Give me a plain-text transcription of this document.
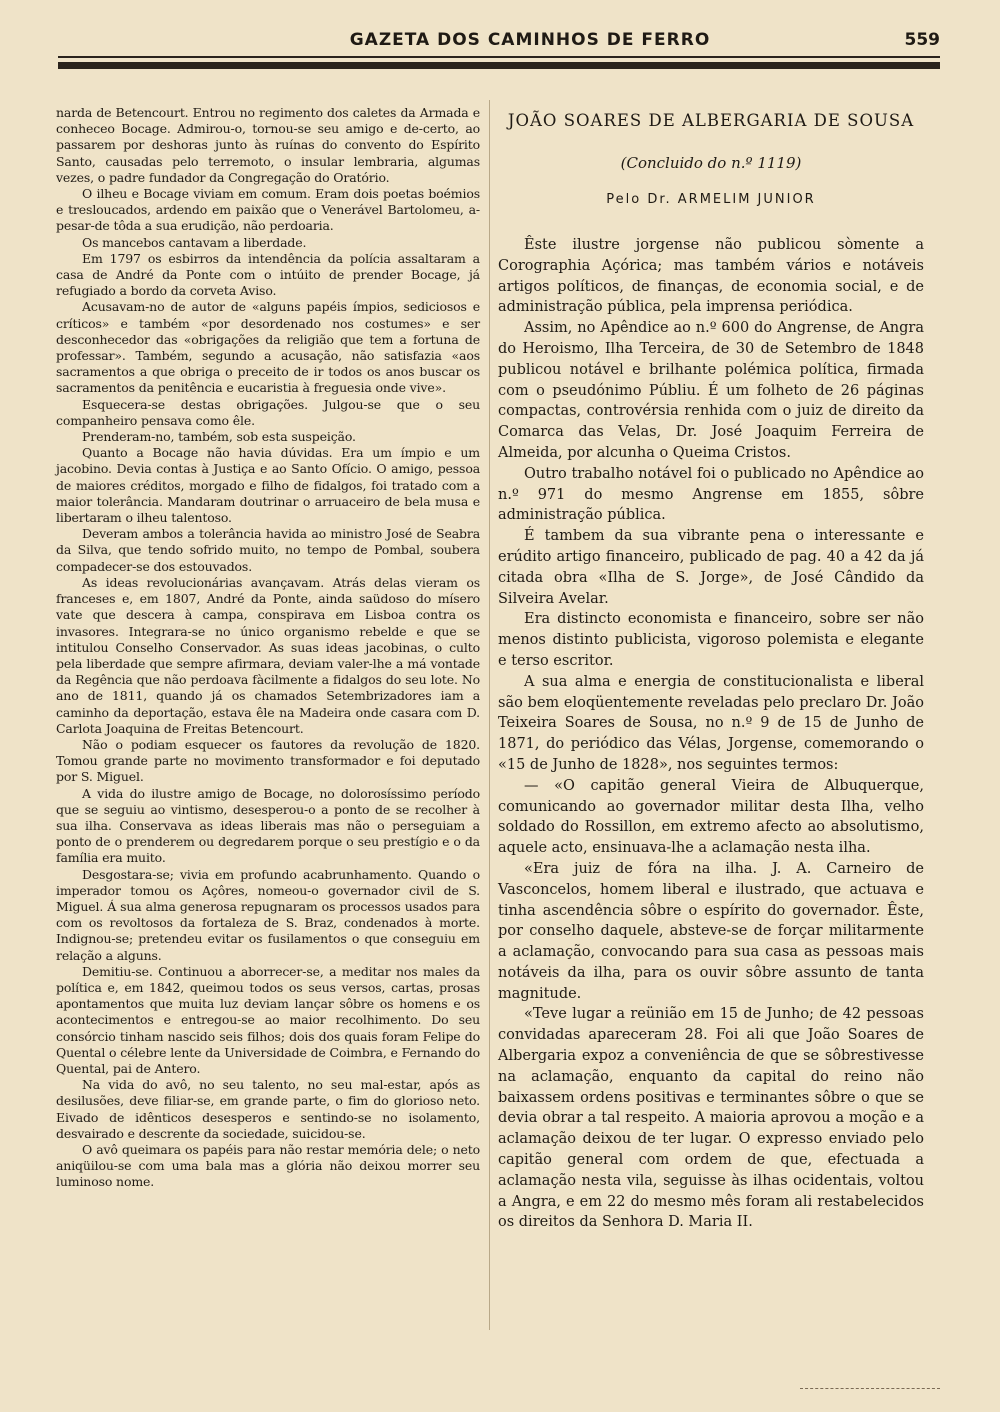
GAZETA DOS CAMINHOS DE FERRO	559

narda de Betencourt. Entrou no regimento dos caletes da Armada e conheceo Bocage. Admirou-o, tornou-se seu amigo e de-certo, ao passarem por deshoras junto às ruínas do convento do Espírito Santo, causadas pelo terremoto, o insular lembraria, algumas vezes, o padre fundador da Congregação do Oratório.

O ilheu e Bocage viviam em comum. Eram dois poetas boémios e tresloucados, ardendo em paixão que o Venerável Bartolomeu, a-pesar-de tôda a sua erudição, não perdoaria.

Os mancebos cantavam a liberdade.

Em 1797 os esbirros da intendência da polícia assaltaram a casa de André da Ponte com o intúito de prender Bocage, já refugiado a bordo da corveta Aviso.

Acusavam-no de autor de «alguns papéis ímpios, sediciosos e críticos» e também «por desordenado nos costumes» e ser desconhecedor das «obrigações da religião que tem a fortuna de professar». Também, segundo a acusação, não satisfazia «aos sacramentos a que obriga o preceito de ir todos os anos buscar os sacramentos da penitência e eucaristia à freguesia onde vive».

Esquecera-se destas obrigações. Julgou-se que o seu companheiro pensava como êle.

Prenderam-no, também, sob esta suspeição.

Quanto a Bocage não havia dúvidas. Era um ímpio e um jacobino. Devia contas à Justiça e ao Santo Ofício. O amigo, pessoa de maiores créditos, morgado e filho de fidalgos, foi tratado com a maior tolerância. Mandaram doutrinar o arruaceiro de bela musa e libertaram o ilheu talentoso.

Deveram ambos a tolerância havida ao ministro José de Seabra da Silva, que tendo sofrido muito, no tempo de Pombal, soubera compadecer-se dos estouvados.

As ideas revolucionárias avançavam. Atrás delas vieram os franceses e, em 1807, André da Ponte, ainda saüdoso do mísero vate que descera à campa, conspirava em Lisboa contra os invasores. Integrara-se no único organismo rebelde e que se intitulou Conselho Conservador. As suas ideas jacobinas, o culto pela liberdade que sempre afirmara, deviam valer-lhe a má vontade da Regência que não perdoava fàcilmente a fidalgos do seu lote. No ano de 1811, quando já os chamados Setembrizadores iam a caminho da deportação, estava êle na Madeira onde casara com D. Carlota Joaquina de Freitas Betencourt.

Não o podiam esquecer os fautores da revolução de 1820. Tomou grande parte no movimento transformador e foi deputado por S. Miguel.

A vida do ilustre amigo de Bocage, no dolorosíssimo período que se seguiu ao vintismo, desesperou-o a ponto de se recolher à sua ilha. Conservava as ideas liberais mas não o perseguiam a ponto de o prenderem ou degredarem porque o seu prestígio e o da família era muito.

Desgostara-se; vivia em profundo acabrunhamento. Quando o imperador tomou os Açôres, nomeou-o governador civil de S. Miguel. Á sua alma generosa repugnaram os processos usados para com os revoltosos da fortaleza de S. Braz, condenados à morte. Indignou-se; pretendeu evitar os fusilamentos o que conseguiu em relação a alguns.

Demitiu-se. Continuou a aborrecer-se, a meditar nos males da política e, em 1842, queimou todos os seus versos, cartas, prosas apontamentos que muita luz deviam lançar sôbre os homens e os acontecimentos e entregou-se ao maior recolhimento. Do seu consórcio tinham nascido seis filhos; dois dos quais foram Felipe do Quental o célebre lente da Universidade de Coimbra, e Fernando do Quental, pai de Antero.

Na vida do avô, no seu talento, no seu mal-estar, após as desilusões, deve filiar-se, em grande parte, o fim do glorioso neto. Eivado de idênticos desesperos e sentindo-se no isolamento, desvairado e descrente da sociedade, suicidou-se.

O avô queimara os papéis para não restar memória dele; o neto aniqüilou-se com uma bala mas a glória não deixou morrer seu luminoso nome.

JOÃO SOARES DE ALBERGARIA DE SOUSA
(Concluido do n.º 1119)
Pelo Dr. ARMELIM JUNIOR

Êste ilustre jorgense não publicou sòmente a Corographia Açórica; mas também vários e notáveis artigos políticos, de finanças, de economia social, e de administração pública, pela imprensa periódica.

Assim, no Apêndice ao n.º 600 do Angrense, de Angra do Heroismo, Ilha Terceira, de 30 de Setembro de 1848 publicou notável e brilhante polémica política, firmada com o pseudónimo Públiu. É um folheto de 26 páginas compactas, controvérsia renhida com o juiz de direito da Comarca das Velas, Dr. José Joaquim Ferreira de Almeida, por alcunha o Queima Cristos.

Outro trabalho notável foi o publicado no Apêndice ao n.º 971 do mesmo Angrense em 1855, sôbre administração pública.

É tambem da sua vibrante pena o interessante e erúdito artigo financeiro, publicado de pag. 40 a 42 da já citada obra «Ilha de S. Jorge», de José Cândido da Silveira Avelar.

Era distincto economista e financeiro, sobre ser não menos distinto publicista, vigoroso polemista e elegante e terso escritor.

A sua alma e energia de constitucionalista e liberal são bem eloqüentemente reveladas pelo preclaro Dr. João Teixeira Soares de Sousa, no n.º 9 de 15 de Junho de 1871, do periódico das Vélas, Jorgense, comemorando o «15 de Junho de 1828», nos seguintes termos:

— «O capitão general Vieira de Albuquerque, comunicando ao governador militar desta Ilha, velho soldado do Rossillon, em extremo afecto ao absolutismo, aquele acto, ensinuava-lhe a aclamação nesta ilha.

«Era juiz de fóra na ilha. J. A. Carneiro de Vasconcelos, homem liberal e ilustrado, que actuava e tinha ascendência sôbre o espírito do governador. Êste, por conselho daquele, absteve-se de forçar militarmente a aclamação, convocando para sua casa as pessoas mais notáveis da ilha, para os ouvir sôbre assunto de tanta magnitude.

«Teve lugar a reünião em 15 de Junho; de 42 pessoas convidadas apareceram 28. Foi ali que João Soares de Albergaria expoz a conveniência de que se sôbrestivesse na aclamação, enquanto da capital do reino não baixassem ordens positivas e terminantes sôbre o que se devia obrar a tal respeito. A maioria aprovou a moção e a aclamação deixou de ter lugar. O expresso enviado pelo capitão general com ordem de que, efectuada a aclamação nesta vila, seguisse às ilhas ocidentais, voltou a Angra, e em 22 do mesmo mês foram ali restabelecidos os direitos da Senhora D. Maria II.
